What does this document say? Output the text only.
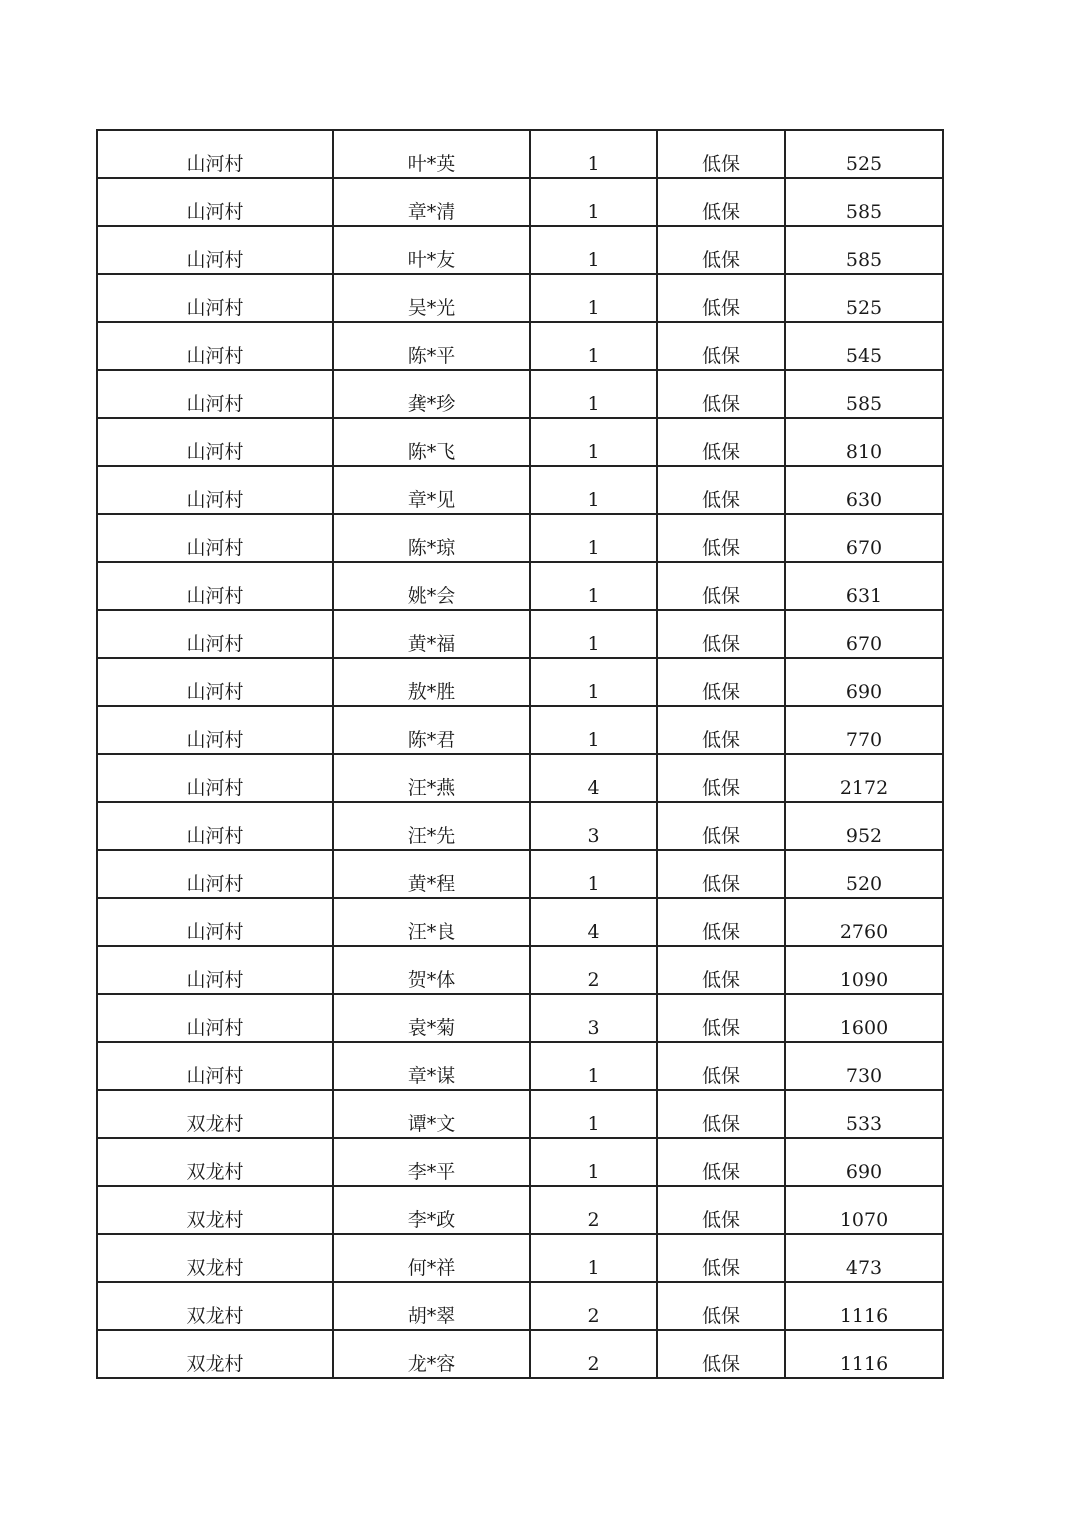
山河村	叶*英	1	低保	525
山河村	章*清	1	低保	585
山河村	叶*友	1	低保	585
山河村	吴*光	1	低保	525
山河村	陈*平	1	低保	545
山河村	龚*珍	1	低保	585
山河村	陈*飞	1	低保	810
山河村	章*见	1	低保	630
山河村	陈*琼	1	低保	670
山河村	姚*会	1	低保	631
山河村	黄*福	1	低保	670
山河村	敖*胜	1	低保	690
山河村	陈*君	1	低保	770
山河村	汪*燕	4	低保	2172
山河村	汪*先	3	低保	952
山河村	黄*程	1	低保	520
山河村	汪*良	4	低保	2760
山河村	贺*体	2	低保	1090
山河村	袁*菊	3	低保	1600
山河村	章*谋	1	低保	730
双龙村	谭*文	1	低保	533
双龙村	李*平	1	低保	690
双龙村	李*政	2	低保	1070
双龙村	何*祥	1	低保	473
双龙村	胡*翠	2	低保	1116
双龙村	龙*容	2	低保	1116
